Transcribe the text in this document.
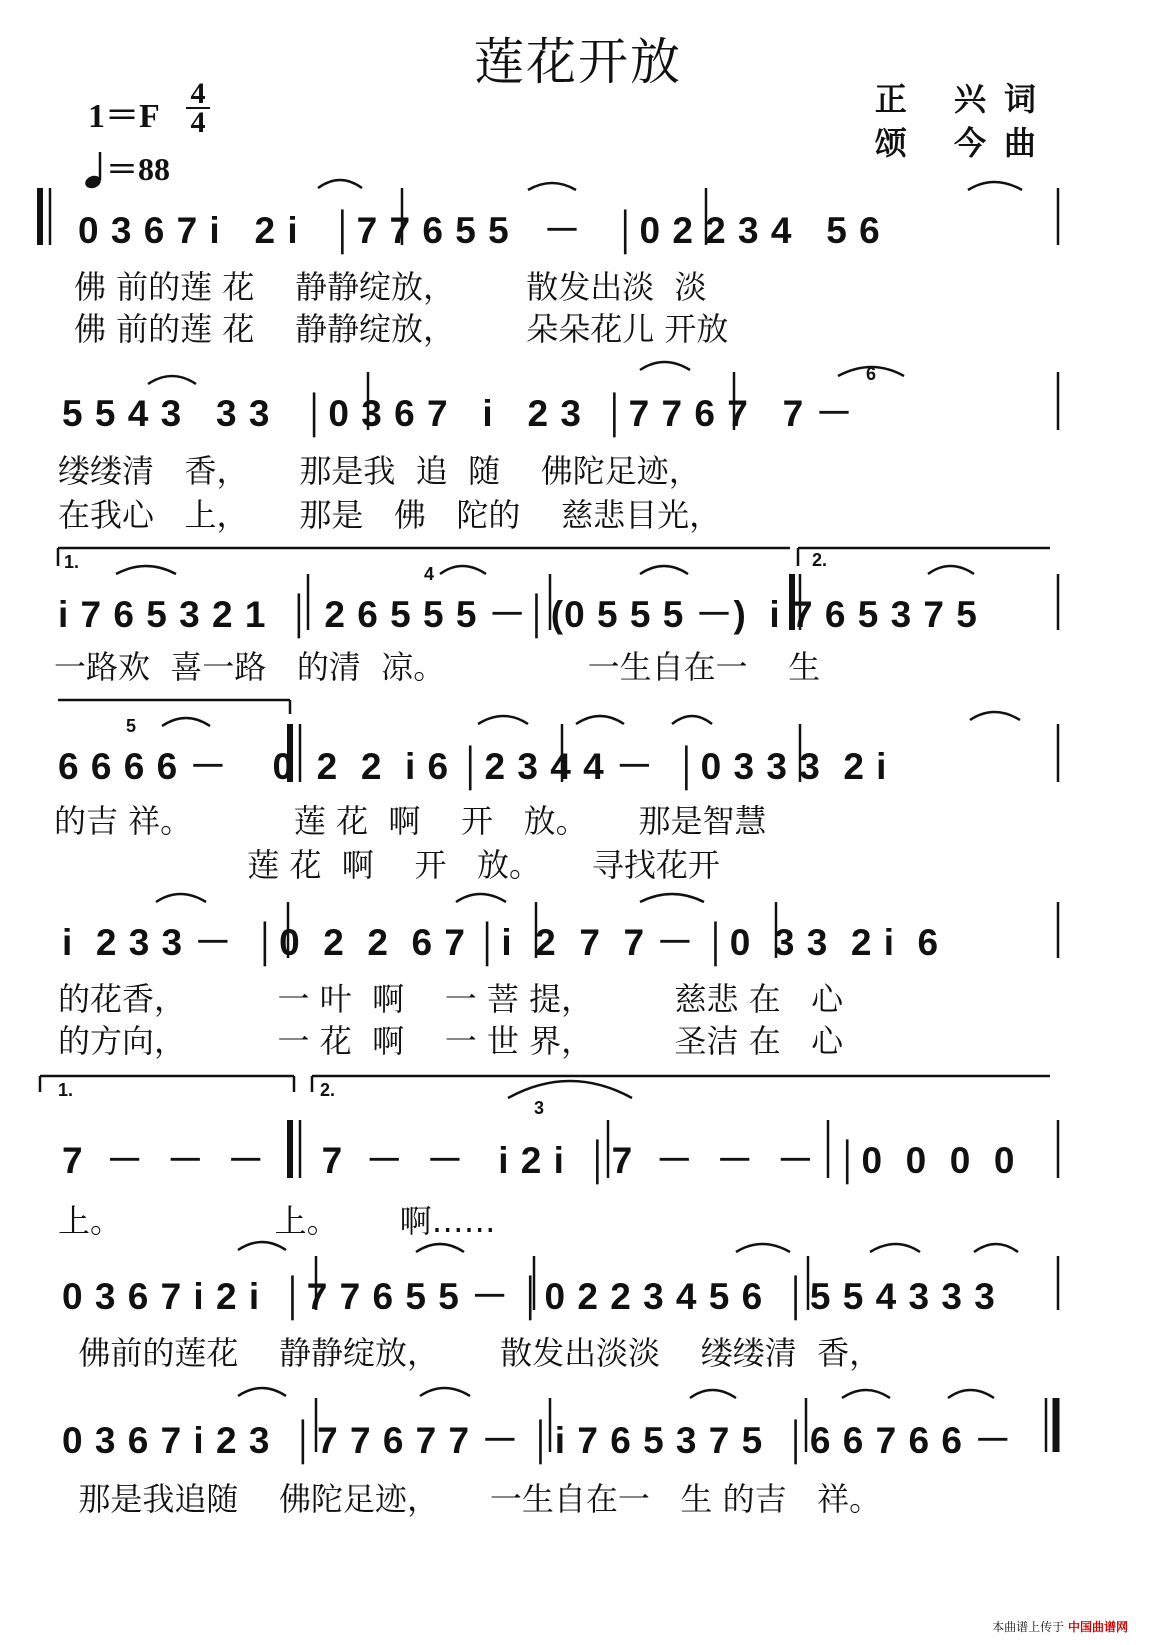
莲花开放
1＝F
4
4
＝88
正 兴词
颂 今曲
0 3 6 7 i   2 i   │7 7 6 5 5   －   │0 2 2 3 4   5 6
佛 前的莲 花    静静绽放，       散发出淡  淡
佛 前的莲 花    静静绽放，       朵朵花儿 开放
5 5 4 3   3 3   │0 3 6 7   i   2 3  │7 7 6 7   7 －
缕缕清   香，     那是我  追  随    佛陀足迹，
在我心   上，     那是   佛   陀的    慈悲目光，
i 7 6 5 3 2 1  │ 2 6 5 5 5 －│(0 5 5 5 －)  i 7 6 5 3 7 5
一路欢  喜一路   的清  凉。              一生自在一    生
6 6 6 6 －    0  2  2  i 6 │2 3 4 4 －  │0 3 3 3  2 i
的吉 祥。          莲 花  啊    开   放。     那是智慧
莲 花  啊    开   放。     寻找花开
i  2 3 3 －  │0  2  2  6 7 │i  2  7  7 － │0  3 3  2 i  6
的花香，         一 叶  啊    一 菩 提，        慈悲 在   心
的方向，         一 花  啊    一 世 界，        圣洁 在   心
7  －  －  －     7  －  －   i 2 i  │7  －  －  －  │0  0  0  0
上。               上。      啊……
0 3 6 7 i 2 i  │7 7 6 5 5 － │0 2 2 3 4 5 6  │5 5 4 3 3 3
佛前的莲花    静静绽放，      散发出淡淡    缕缕清  香，
0 3 6 7 i 2 3  │7 7 6 7 7 － │i 7 6 5 3 7 5  │6 6 7 6 6 －
那是我追随    佛陀足迹，     一生自在一   生 的吉   祥。
1.	2.
1.	2.
6
4
5
3
本曲谱上传于 中国曲谱网
